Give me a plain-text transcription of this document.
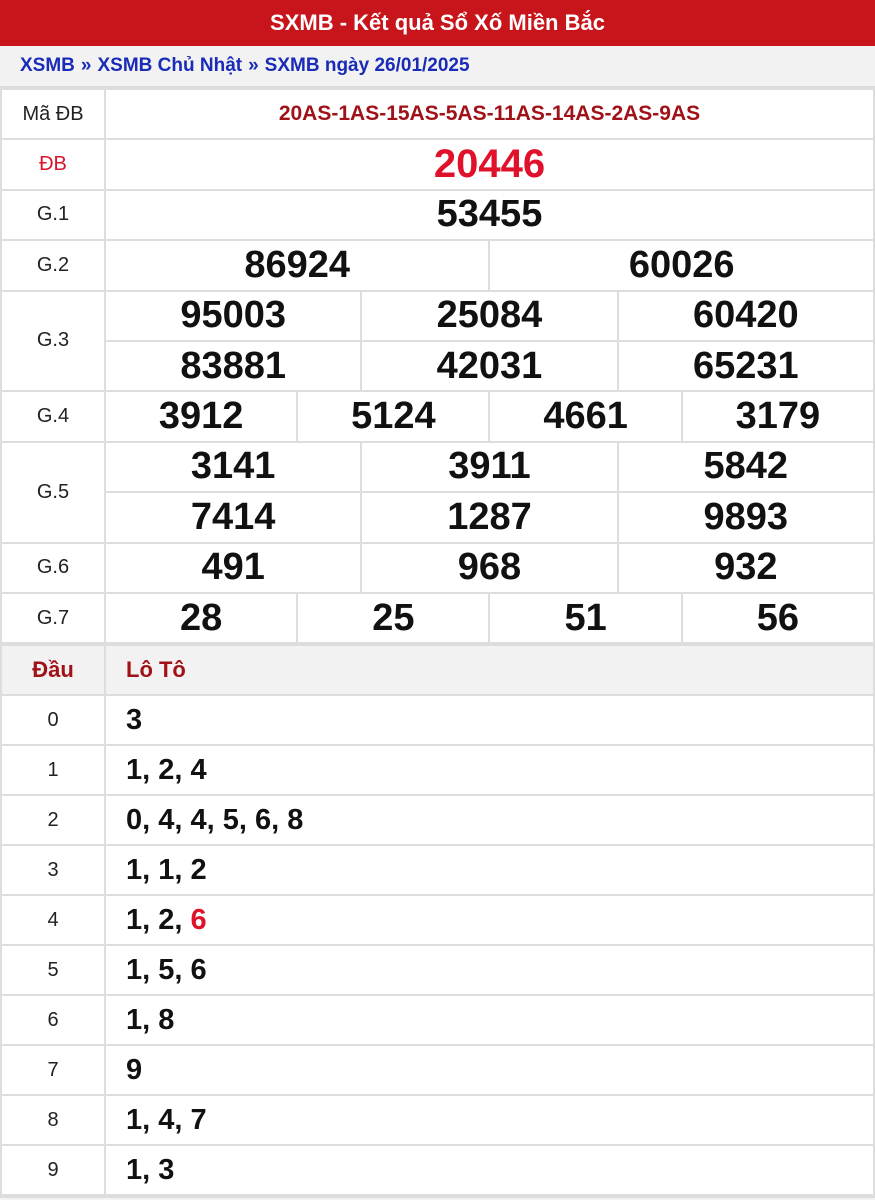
SXMB - Kết quả Sổ Xố Miền Bắc
XSMB » XSMB Chủ Nhật » SXMB ngày 26/01/2025
Mã ĐB	20AS-1AS-15AS-5AS-11AS-14AS-2AS-9AS					
ĐB	20446					
G.1	53455					
G.2	86924			60026		
G.3	95003		25084		60420	
	83881		42031		65231	
G.4	3912	5124		4661		3179
G.5	3141		3911		5842	
	7414		1287		9893	
G.6	491		968		932	
G.7	28	25		51		56
Đầu	Lô Tô
0	3
1	1, 2, 4
2	0, 4, 4, 5, 6, 8
3	1, 1, 2
4	1, 2, 6
5	1, 5, 6
6	1, 8
7	9
8	1, 4, 7
9	1, 3
